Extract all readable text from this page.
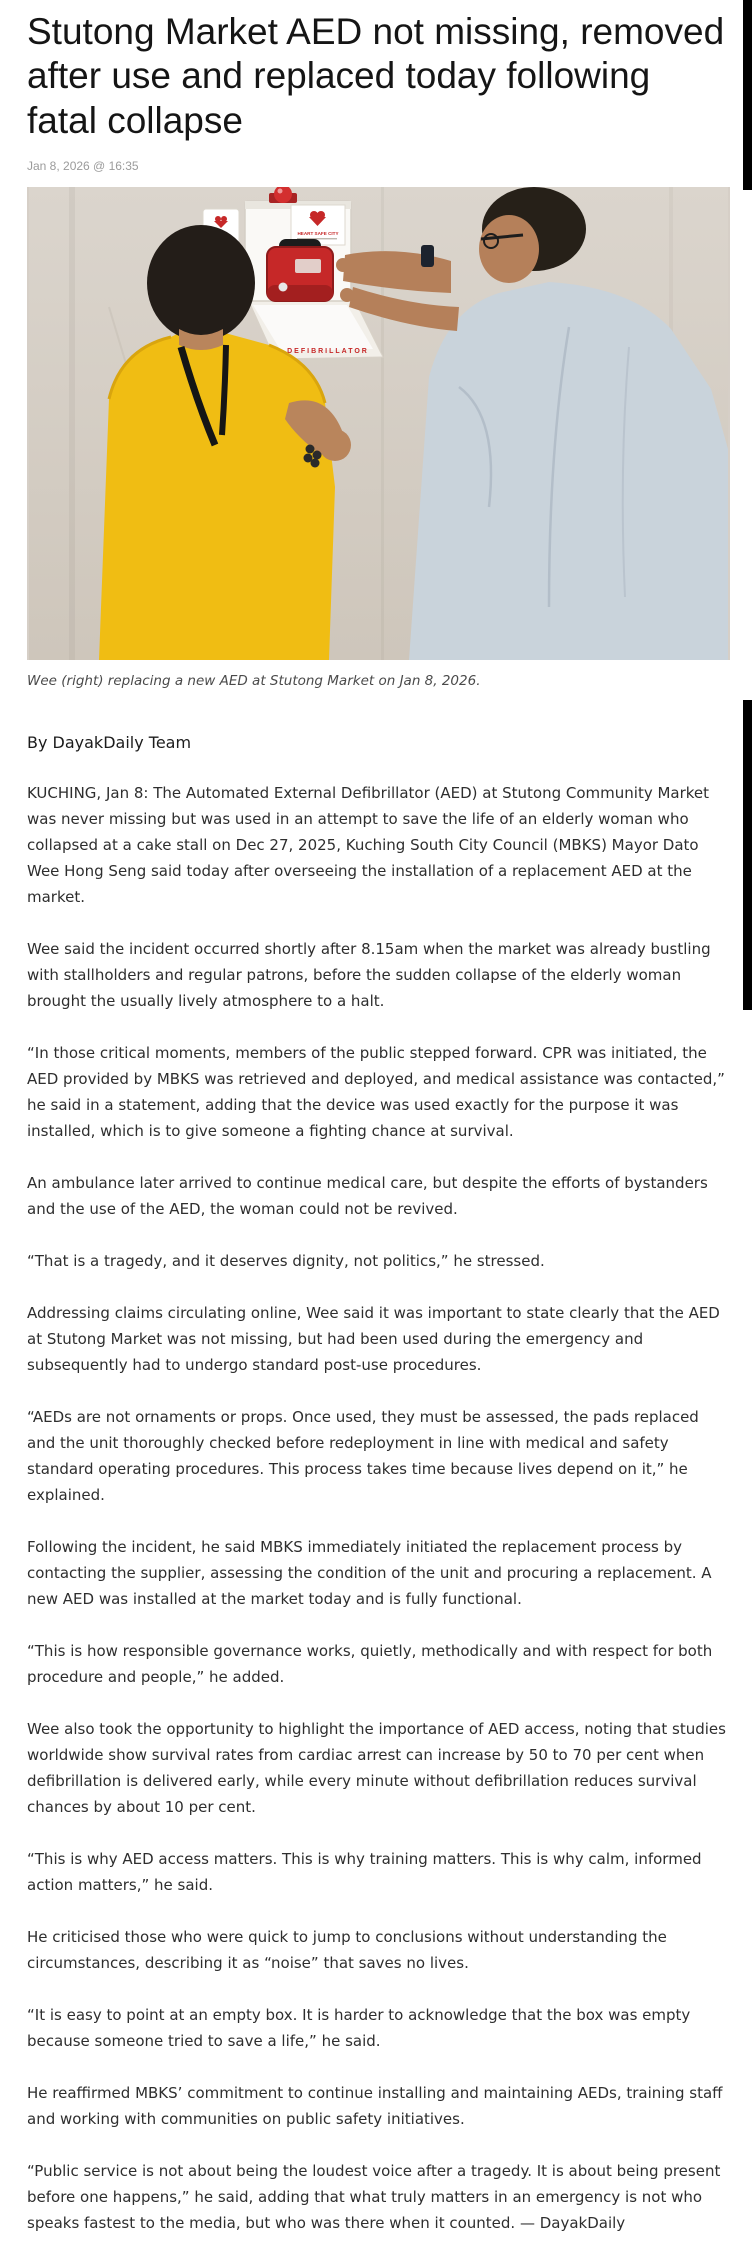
Stutong Market AED not missing, removed after use and replaced today following fatal collapse
Jan 8, 2026 @ 16:35
DEFIBRILLATOR
HEART SAFE CITY
Wee (right) replacing a new AED at Stutong Market on Jan 8, 2026.
By DayakDaily Team

KUCHING, Jan 8: The Automated External Defibrillator (AED) at Stutong Community Market was never missing but was used in an attempt to save the life of an elderly woman who collapsed at a cake stall on Dec 27, 2025, Kuching South City Council (MBKS) Mayor Dato Wee Hong Seng said today after overseeing the installation of a replacement AED at the market.

Wee said the incident occurred shortly after 8.15am when the market was already bustling with stallholders and regular patrons, before the sudden collapse of the elderly woman brought the usually lively atmosphere to a halt.

“In those critical moments, members of the public stepped forward. CPR was initiated, the AED provided by MBKS was retrieved and deployed, and medical assistance was contacted,” he said in a statement, adding that the device was used exactly for the purpose it was installed, which is to give someone a fighting chance at survival.

An ambulance later arrived to continue medical care, but despite the efforts of bystanders and the use of the AED, the woman could not be revived.

“That is a tragedy, and it deserves dignity, not politics,” he stressed.

Addressing claims circulating online, Wee said it was important to state clearly that the AED at Stutong Market was not missing, but had been used during the emergency and subsequently had to undergo standard post-use procedures.

“AEDs are not ornaments or props. Once used, they must be assessed, the pads replaced and the unit thoroughly checked before redeployment in line with medical and safety standard operating procedures. This process takes time because lives depend on it,” he explained.

Following the incident, he said MBKS immediately initiated the replacement process by contacting the supplier, assessing the condition of the unit and procuring a replacement. A new AED was installed at the market today and is fully functional.

“This is how responsible governance works, quietly, methodically and with respect for both procedure and people,” he added.

Wee also took the opportunity to highlight the importance of AED access, noting that studies worldwide show survival rates from cardiac arrest can increase by 50 to 70 per cent when defibrillation is delivered early, while every minute without defibrillation reduces survival chances by about 10 per cent.

“This is why AED access matters. This is why training matters. This is why calm, informed action matters,” he said.

He criticised those who were quick to jump to conclusions without understanding the circumstances, describing it as “noise” that saves no lives.

“It is easy to point at an empty box. It is harder to acknowledge that the box was empty because someone tried to save a life,” he said.

He reaffirmed MBKS’ commitment to continue installing and maintaining AEDs, training staff and working with communities on public safety initiatives.

“Public service is not about being the loudest voice after a tragedy. It is about being present before one happens,” he said, adding that what truly matters in an emergency is not who speaks fastest to the media, but who was there when it counted. — DayakDaily
